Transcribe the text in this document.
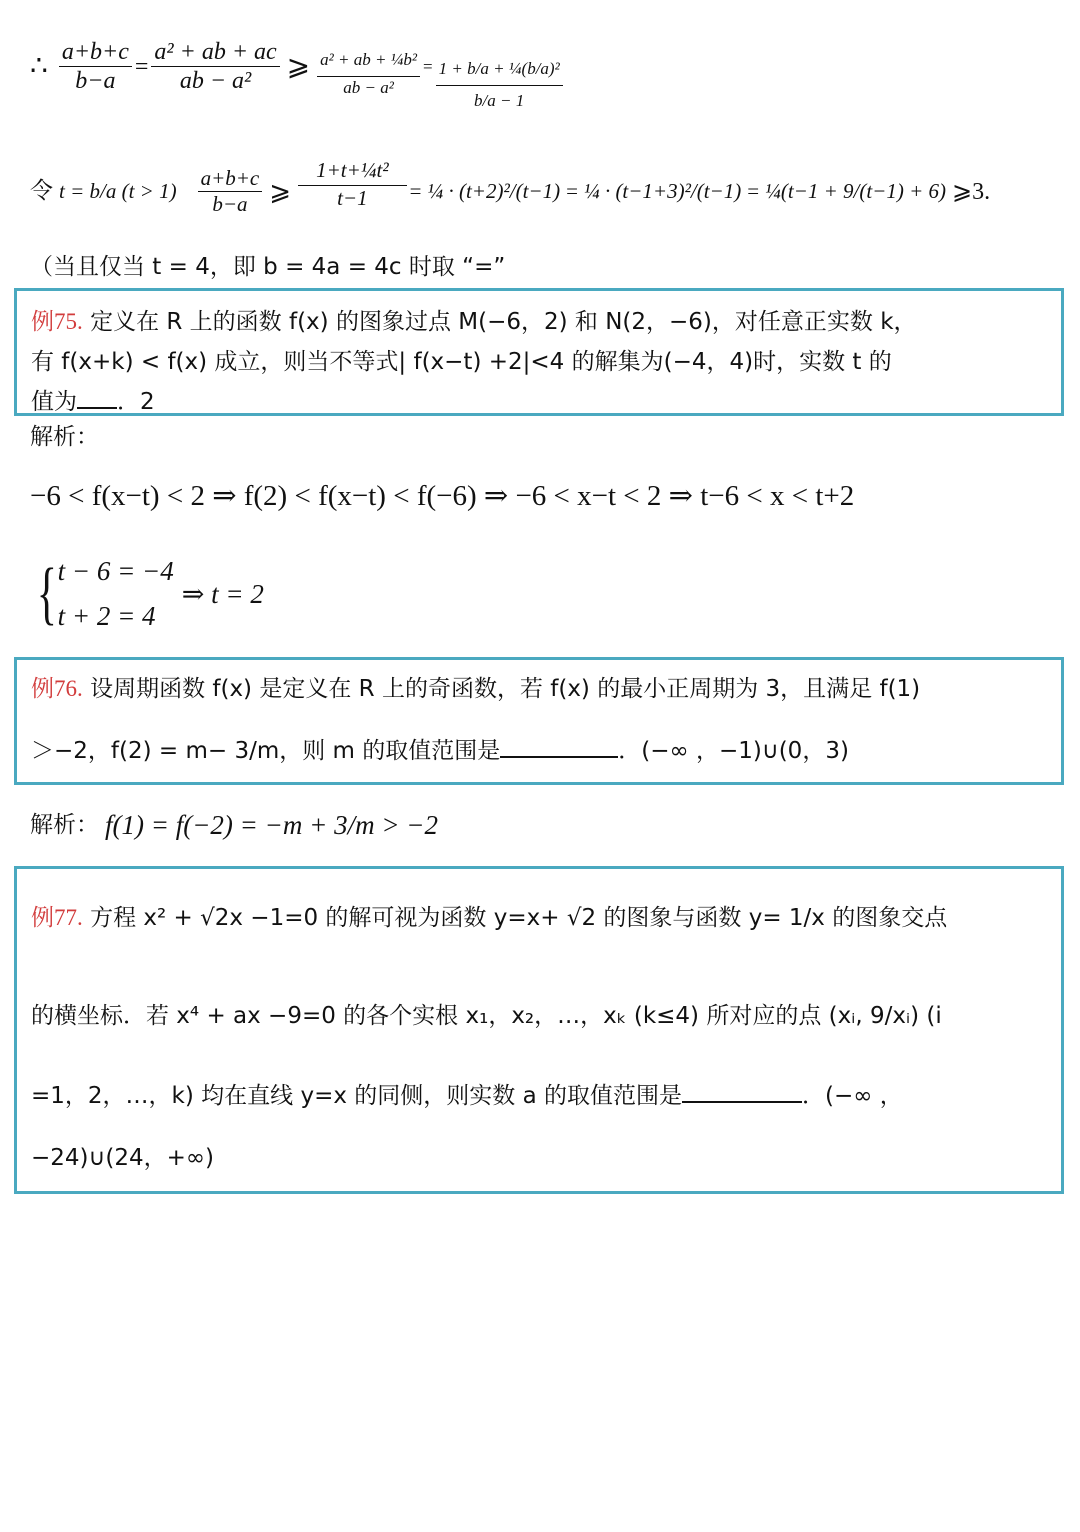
∴ $\frac{a+b+c}{b-a} = \frac{\text{a² + ab + ac}}{\text{ab − a²}}$ ⩾ $\frac{\text{a² + ab + ¼b²}}{\text{ab − a²}} = \frac{\text{1 + b/a + ¼(b/a)²}}{b/a - 1}$
令 t = b/a $(t > 1) \frac{a+b+c}{b-a}$ ⩾ $\frac{\text{1+t+¼t²}}{t-1}$ = ¼ · (t+2)²/(t−1) = ¼ · (t−1+3)²/(t−1) = ¼(t−1 + 9/(t−1) + 6) ⩾3.
（当且仅当 t = 4，即 b = 4a = 4c 时取 “=”
例75. 定义在 R 上的函数 f(x) 的图象过点 M(−6，2) 和 N(2，−6)，对任意正实数 k，
有 f(x+k) < f(x) 成立，则当不等式| f(x−t) +2|<4 的解集为(−4，4)时，实数 t 的
值为 ．2
解析：
−6 < f(x−t) < 2 ⇒ f(2) < f(x−t) < f(−6) ⇒ −6 < x−t < 2 ⇒ t−6 < x < t+2
{ t − 6 = −4
t + 2 = 4
⇒ t = 2
例76. 设周期函数 f(x) 是定义在 R 上的奇函数，若 f(x) 的最小正周期为 3，且满足 f(1)
＞−2，f(2) = m− 3/m，则 m 的取值范围是	．(−∞ ，−1)∪(0，3)
解析： f(1) = f(−2) = −m + 3/m > −2
例77. 方程 x² + √2x −1=0 的解可视为函数 y=x+ √2 的图象与函数 y= 1/x 的图象交点
的横坐标．若 x⁴ + ax −9=0 的各个实根 x₁，x₂，…，xₖ (k≤4) 所对应的点 (xᵢ, 9/xᵢ) (i
=1，2，…，k) 均在直线 y=x 的同侧，则实数 a 的取值范围是	．(−∞ ，
−24)∪(24，+∞)
